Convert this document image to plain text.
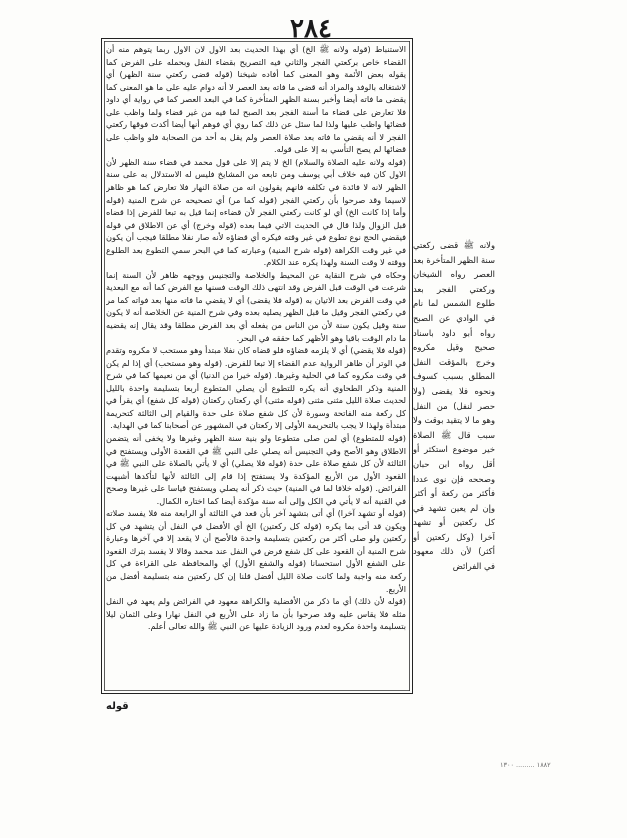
٢٨٤

الاستنباط (قوله ولانه ﷺ الخ) أي بهذا الحديث بعد الاول لان الاول ربما يتوهم منه أن القضاء خاص بركعتي الفجر والثاني فيه التصريح بقضاء النفل وبحمله على الفرض كما يقوله بعض الأئمة وهو المعنى كما أفاده شيخنا (قوله قضى ركعتي سنة الظهر) أي لاشتغاله بالوفد والمراد أنه قضى ما فاته بعد العصر لا أنه دوام عليه على ما هو المعنى كما يقضى ما فاته أيضا وأخبر بسنة الظهر المتأخرة كما في البعد العصر كما في رواية أي داود فلا تعارض على قضاء ما أسنة الفجر بعد الصبح لما فيه من غير قضاء ولما واظب على قضائها واظب عليها ولذا لما سئل عن ذلك كما روي أي فوهم أنها أيضا أكدت فوقها ركعتي الفجر لا أنه يقضي ما فاته بعد صلاة العصر ولم يقل به أحد من الصحابة فلو واظب على قضائها لم يصح التأسي به إلا على قوله.

(قوله ولانه عليه الصلاة والسلام) الخ لا يتم إلا على قول محمد في قضاء سنة الظهر لأن الاول كان فيه خلاف أبي يوسف ومن تابعه من المشايخ فليس له الاستدلال به على سنة الظهر لانه لا فائدة في تكلفه فانهم يقولون انه من صلاة النهار فلا تعارض كما هو ظاهر لاسيما وقد صرحوا بأن ركعتي الفجر (قوله كما مر) أي تصحيحه عن شرح المنية (قوله وأما إذا كانت الخ) أي لو كانت ركعتي الفجر لأن قضاءه إنما قيل به تبعا للفرض إذا قضاه قبل الزوال ولذا قال في الحديث الاتي فيما بعده (قوله وخرج) أي عن الاطلاق في قوله فيقضي الحج نوع تطوع في غير وقته فيكره أي قضاؤه لأنه صار نفلا مطلقا فيجب أن يكون في غير وقت الكراهة (قوله شرح المنية) وعبارته كما في البحر سمي التطوع بعد الطلوع ووقته لا وقت السنة ولهذا يكره عند الكلام.

وحكاه في شرح النقاية عن المحيط والخلاصة والتجنيس ووجهه ظاهر لأن السنة إنما شرعت في الوقت قبل الفرض وقد انتهى ذلك الوقت فسنها مع الفرض كما أنه مع البعدية في وقت الفرض بعد الاتيان به (قوله فلا يقضى) أي لا يقضي ما فاته منها بعد فواته كما مر في ركعتي الفجر وقيل ما قبل الظهر يصليه بعده وفي شرح المنية عن الخلاصة أنه لا يكون سنة وقيل يكون سنة لأن من الناس من يفعله أي بعد الفرض مطلقا وقد يقال إنه يقضيه ما دام الوقت باقيا وهو الأظهر كما حققه في البحر.

(قوله فلا يقضي) أي لا يلزمه قضاؤه فلو قضاه كان نفلا مبتدأ وهو مستحب لا مكروه وتقدم في الوتر أن ظاهر الرواية عدم القضاء إلا تبعا للفرض. (قوله وهو مستحب) أي إذا لم يكن في وقت مكروه كما في الحلية وغيرها. (قوله خيرا من الدنيا) أي من نعيمها كما في شرح المنية وذكر الطحاوي أنه يكره للتطوع أن يصلي المتطوع أربعا بتسليمة واحدة بالليل لحديث صلاة الليل مثنى مثنى (قوله مثنى) أي ركعتان ركعتان (قوله كل شفع) أي يقرأ في كل ركعة منه الفاتحة وسورة لأن كل شفع صلاة على حدة والقيام إلى الثالثة كتحريمة مبتدأة ولهذا لا يجب بالتحريمة الأولى إلا ركعتان في المشهور عن أصحابنا كما في الهداية.

(قوله للمتطوع) أي لمن صلى متطوعا ولو بنية سنة الظهر وغيرها ولا يخفى أنه يتضمن الاطلاق وهو الأصح وفي التجنيس أنه يصلي على النبي ﷺ في القعدة الأولى ويستفتح في الثالثة لأن كل شفع صلاة على حدة (قوله فلا يصلي) أي لا يأتي بالصلاة على النبي ﷺ في القعود الأول من الأربع المؤكدة ولا يستفتح إذا قام إلى الثالثة لأنها لتأكدها أشبهت الفرائض. (قوله خلافا لما في المنية) حيث ذكر أنه يصلي ويستفتح قياسا على غيرها وصحح في القنية أنه لا يأتي في الكل وإلى أنه سنة مؤكدة أيضا كما اختاره الكمال.

(قوله أو تشهد آخرا) أي أتى بتشهد آخر بأن قعد في الثالثة أو الرابعة منه فلا يفسد صلاته ويكون قد أتى بما يكره (قوله كل ركعتين) الخ أي الأفضل في النفل أن يتشهد في كل ركعتين ولو صلى أكثر من ركعتين بتسليمة واحدة فالأصح أن لا يقعد إلا في آخرها وعبارة شرح المنية أن القعود على كل شفع فرض في النفل عند محمد وقالا لا يفسد بترك القعود على الشفع الأول استحسانا (قوله والشفع الأول) أي والمحافظة على القراءة في كل ركعة منه واجبة ولما كانت صلاة الليل أفضل قلنا إن كل ركعتين منه بتسليمة أفضل من الأربع.

(قوله لأن ذلك) أي ما ذكر من الأفضلية والكراهة معهود في الفرائض ولم يعهد في النفل مثله فلا يقاس عليه وقد صرحوا بأن ما زاد على الأربع في النفل نهارا وعلى الثمان ليلا بتسليمة واحدة مكروه لعدم ورود الزيادة عليها عن النبي ﷺ والله تعالى أعلم.

ولانه ﷺ قضى ركعتي سنة الظهر المتأخرة بعد العصر رواه الشيخان وركعتي الفجر بعد طلوع الشمس لما نام في الوادي عن الصبح رواه أبو داود باسناد صحيح وقيل مكروه وخرج بالمؤقت النفل المطلق بسبب كسوف ونحوه فلا يقضى (ولا حصر لنفل) من النفل وهو ما لا يتقيد بوقت ولا سبب قال ﷺ الصلاة خير موضوع استكثر أو أقل رواه ابن حبان وصححه فإن نوى عددا فأكثر من ركعة أو أكثر وإن لم يعين تشهد في كل ركعتين أو تشهد آخرا (وكل ركعتين أو أكثر) لأن ذلك معهود في الفرائض

قوله
١٨٨٢ ......... ١٣٠٠
